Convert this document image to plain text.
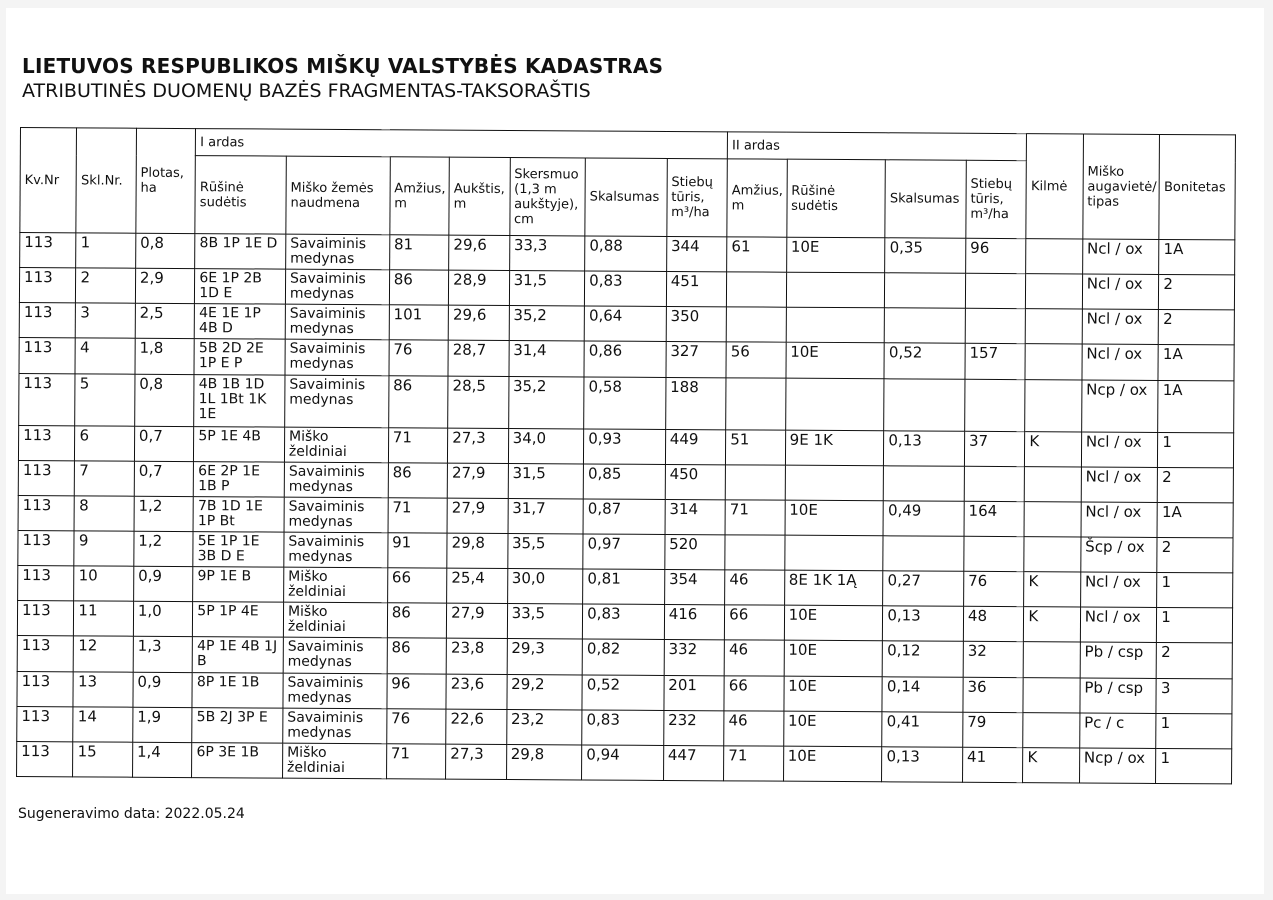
LIETUVOS RESPUBLIKOS MIŠKŲ VALSTYBĖS KADASTRAS
ATRIBUTINĖS DUOMENŲ BAZĖS FRAGMENTAS-TAKSORAŠTIS
Kv.Nr	Skl.Nr.	Plotas, ha	I ardas							II ardas				Kilmė	Miško augavietė/ tipas	Bonitetas
			Rūšinė sudėtis	Miško žemės naudmena	Amžius, m	Aukštis, m	Skersmuo (1,3 m aukštyje), cm	Skalsumas	Stiebų tūris, m³/ha	Amžius, m	Rūšinė sudėtis	Skalsumas	Stiebų tūris, m³/ha			
113	1	0,8	8B 1P 1E D	Savaiminis medynas	81	29,6	33,3	0,88	344	61	10E	0,35	96		Ncl / ox	1A
113	2	2,9	6E 1P 2B 1D E	Savaiminis medynas	86	28,9	31,5	0,83	451						Ncl / ox	2
113	3	2,5	4E 1E 1P 4B D	Savaiminis medynas	101	29,6	35,2	0,64	350						Ncl / ox	2
113	4	1,8	5B 2D 2E 1P E P	Savaiminis medynas	76	28,7	31,4	0,86	327	56	10E	0,52	157		Ncl / ox	1A
113	5	0,8	4B 1B 1D 1L 1Bt 1K 1E	Savaiminis medynas	86	28,5	35,2	0,58	188						Ncp / ox	1A
113	6	0,7	5P 1E 4B	Miško želdiniai	71	27,3	34,0	0,93	449	51	9E 1K	0,13	37	K	Ncl / ox	1
113	7	0,7	6E 2P 1E 1B P	Savaiminis medynas	86	27,9	31,5	0,85	450						Ncl / ox	2
113	8	1,2	7B 1D 1E 1P Bt	Savaiminis medynas	71	27,9	31,7	0,87	314	71	10E	0,49	164		Ncl / ox	1A
113	9	1,2	5E 1P 1E 3B D E	Savaiminis medynas	91	29,8	35,5	0,97	520						Šcp / ox	2
113	10	0,9	9P 1E B	Miško želdiniai	66	25,4	30,0	0,81	354	46	8E 1K 1Ą	0,27	76	K	Ncl / ox	1
113	11	1,0	5P 1P 4E	Miško želdiniai	86	27,9	33,5	0,83	416	66	10E	0,13	48	K	Ncl / ox	1
113	12	1,3	4P 1E 4B 1J B	Savaiminis medynas	86	23,8	29,3	0,82	332	46	10E	0,12	32		Pb / csp	2
113	13	0,9	8P 1E 1B	Savaiminis medynas	96	23,6	29,2	0,52	201	66	10E	0,14	36		Pb / csp	3
113	14	1,9	5B 2J 3P E	Savaiminis medynas	76	22,6	23,2	0,83	232	46	10E	0,41	79		Pc / c	1
113	15	1,4	6P 3E 1B	Miško želdiniai	71	27,3	29,8	0,94	447	71	10E	0,13	41	K	Ncp / ox	1
Sugeneravimo data: 2022.05.24
